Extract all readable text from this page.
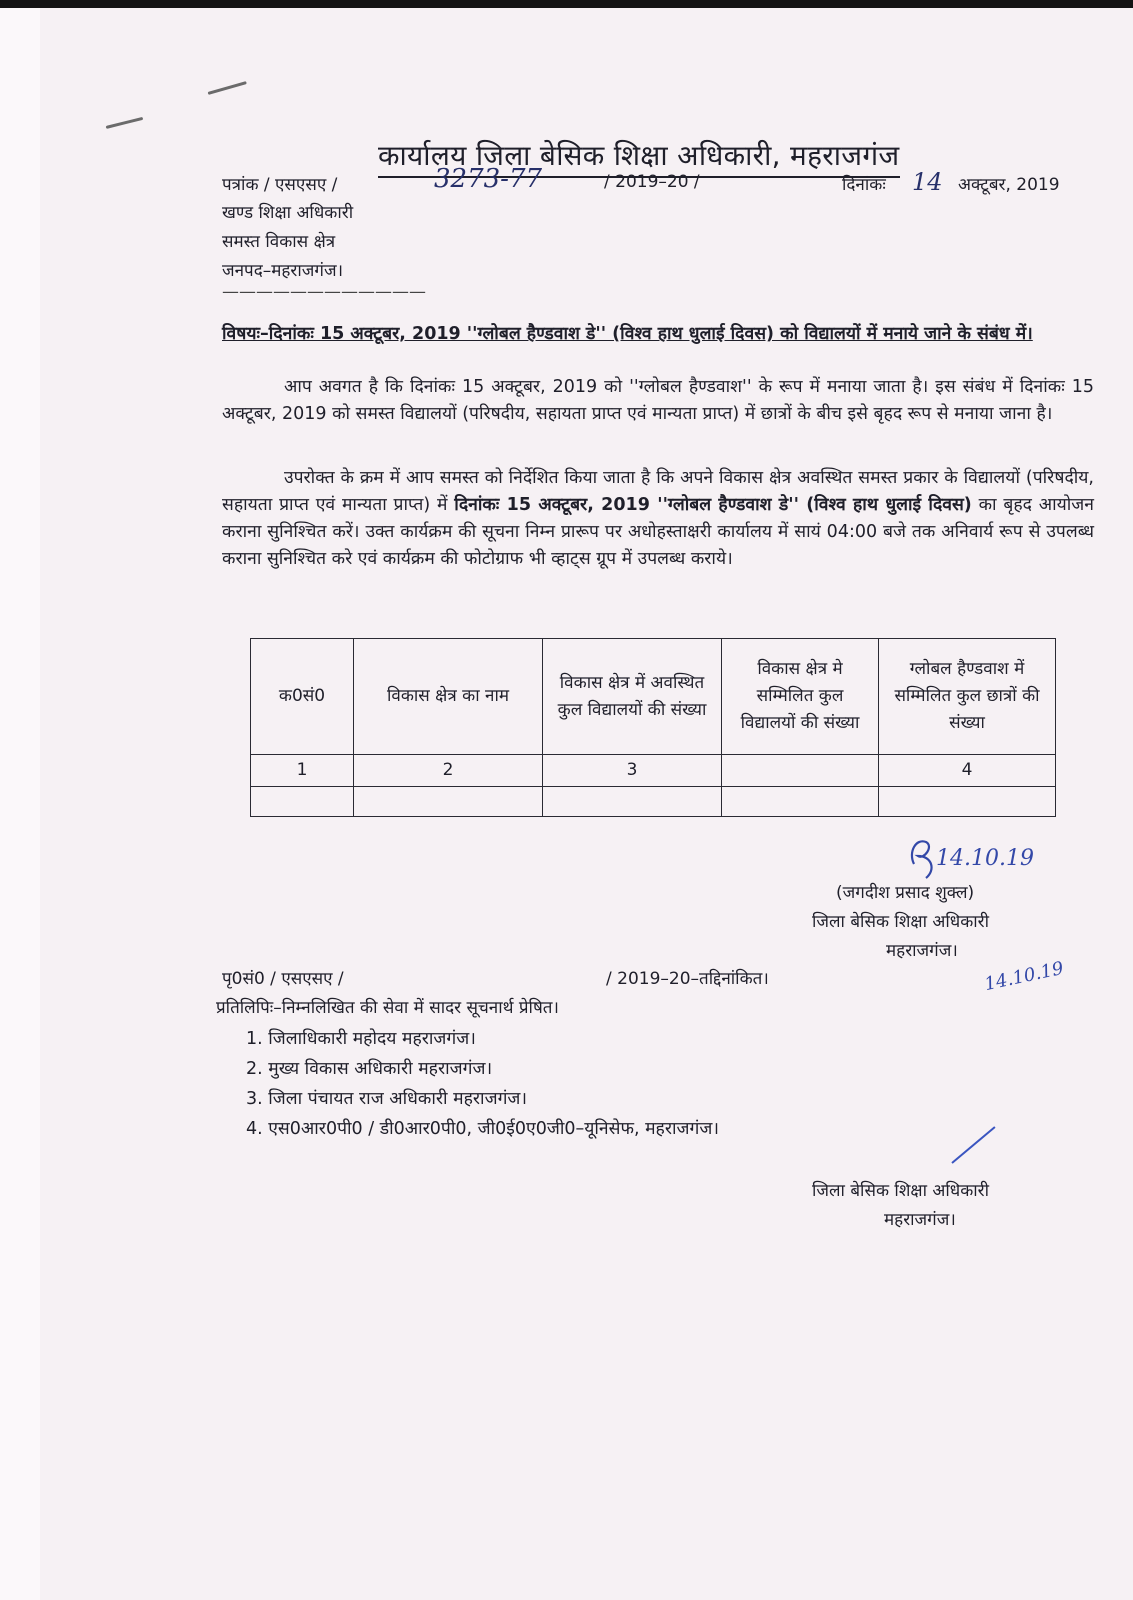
कार्यालय जिला बेसिक शिक्षा अधिकारी, महराजगंज
पत्रांक / एसएसए /	3273-77	/ 2019–20 /	दिनांकः 14 अक्टूबर, 2019
खण्ड शिक्षा अधिकारी
समस्त विकास क्षेत्र
जनपद–महराजगंज।
————————————
विषयः–दिनांकः 15 अक्टूबर, 2019 ''ग्लोबल हैण्डवाश डे'' (विश्व हाथ धुलाई दिवस) को विद्यालयों में मनाये जाने के संबंध में।
आप अवगत है कि दिनांकः 15 अक्टूबर, 2019 को ''ग्लोबल हैण्डवाश'' के रूप में मनाया जाता है। इस संबंध में दिनांकः 15 अक्टूबर, 2019 को समस्त विद्यालयों (परिषदीय, सहायता प्राप्त एवं मान्यता प्राप्त) में छात्रों के बीच इसे बृहद रूप से मनाया जाना है।
उपरोक्त के क्रम में आप समस्त को निर्देशित किया जाता है कि अपने विकास क्षेत्र अवस्थित समस्त प्रकार के विद्यालयों (परिषदीय, सहायता प्राप्त एवं मान्यता प्राप्त) में दिनांकः 15 अक्टूबर, 2019 ''ग्लोबल हैण्डवाश डे'' (विश्व हाथ धुलाई दिवस) का बृहद आयोजन कराना सुनिश्चित करें। उक्त कार्यक्रम की सूचना निम्न प्रारूप पर अधोहस्ताक्षरी कार्यालय में सायं 04:00 बजे तक अनिवार्य रूप से उपलब्ध कराना सुनिश्चित करे एवं कार्यक्रम की फोटोग्राफ भी व्हाट्स ग्रूप में उपलब्ध कराये।
क0सं0	विकास क्षेत्र का नाम	विकास क्षेत्र में अवस्थित कुल विद्यालयों की संख्या	विकास क्षेत्र मे सम्मिलित कुल विद्यालयों की संख्या	ग्लोबल हैण्डवाश में सम्मिलित कुल छात्रों की संख्या
1	2	3		4

14.10.19
(जगदीश प्रसाद शुक्ल)
जिला बेसिक शिक्षा अधिकारी
महराजगंज।
पृ0सं0 / एसएसए /	/ 2019–20–तद्दिनांकित।	14.10.19
प्रतिलिपिः–निम्नलिखित की सेवा में सादर सूचनार्थ प्रेषित।
1. जिलाधिकारी महोदय महराजगंज।
2. मुख्य विकास अधिकारी महराजगंज।
3. जिला पंचायत राज अधिकारी महराजगंज।
4. एस0आर0पी0 / डी0आर0पी0, जी0ई0ए0जी0–यूनिसेफ, महराजगंज।
जिला बेसिक शिक्षा अधिकारी
महराजगंज।
